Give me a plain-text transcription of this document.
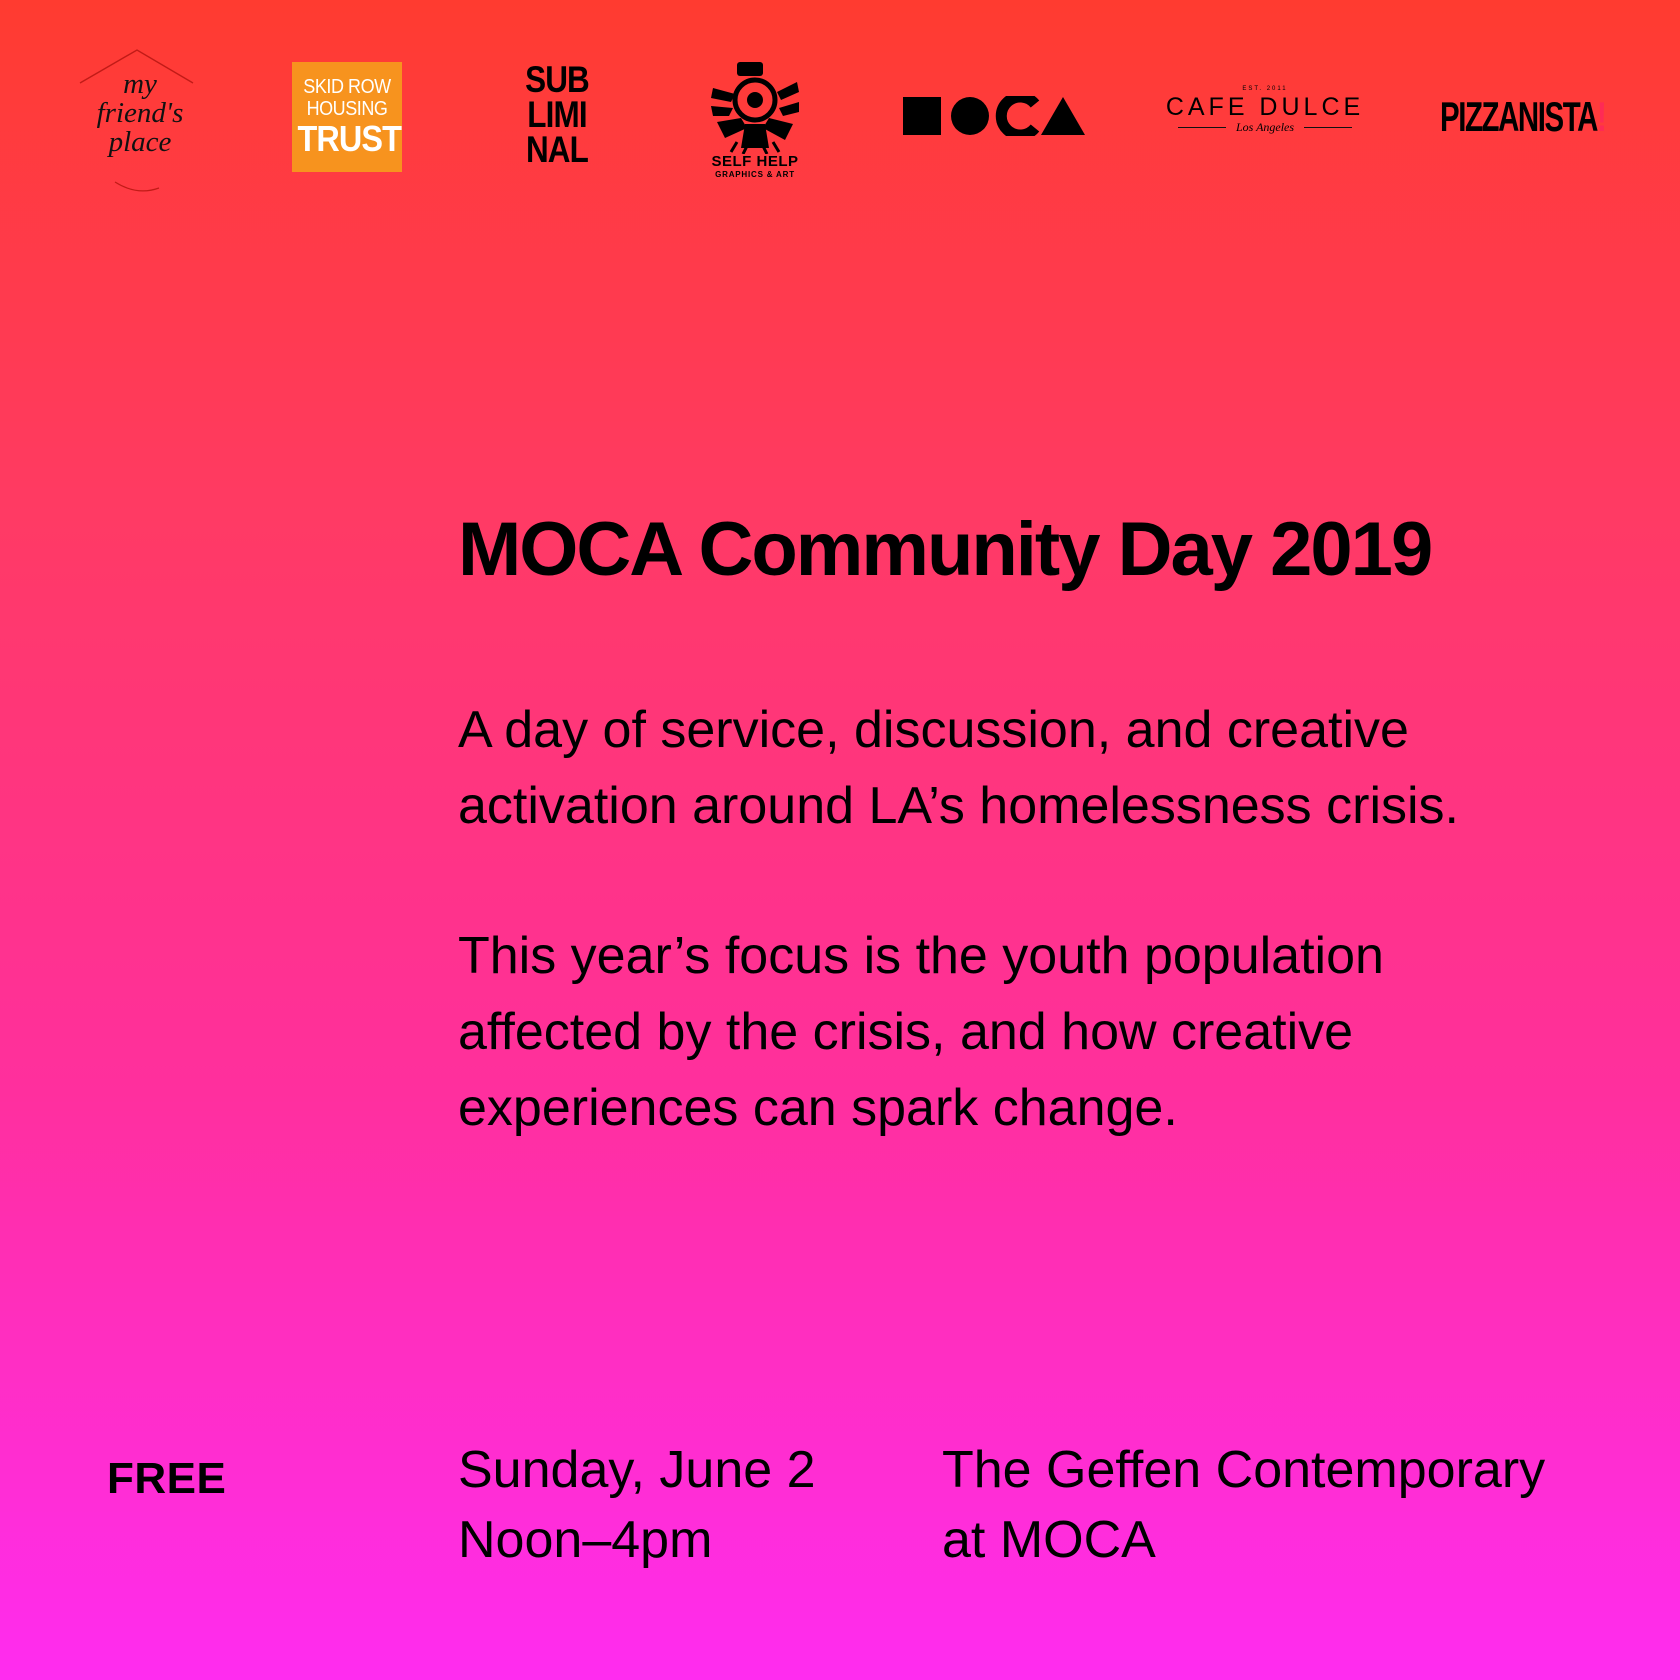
my
friend's
place
SKID ROW
HOUSING
TRUST
SUB
LIMI
NAL	SELF HELP
GRAPHICS & ART
EST. 2011
CAFE DULCE
Los Angeles	PIZZANISTA!
MOCA Community Day 2019

A day of service, discussion, and creative activation around LA’s homelessness crisis.

This year’s focus is the youth population affected by the crisis, and how creative experiences can spark change.

FREE	Sunday, June 2
Noon–4pm

The Geffen Contemporary
at MOCA
